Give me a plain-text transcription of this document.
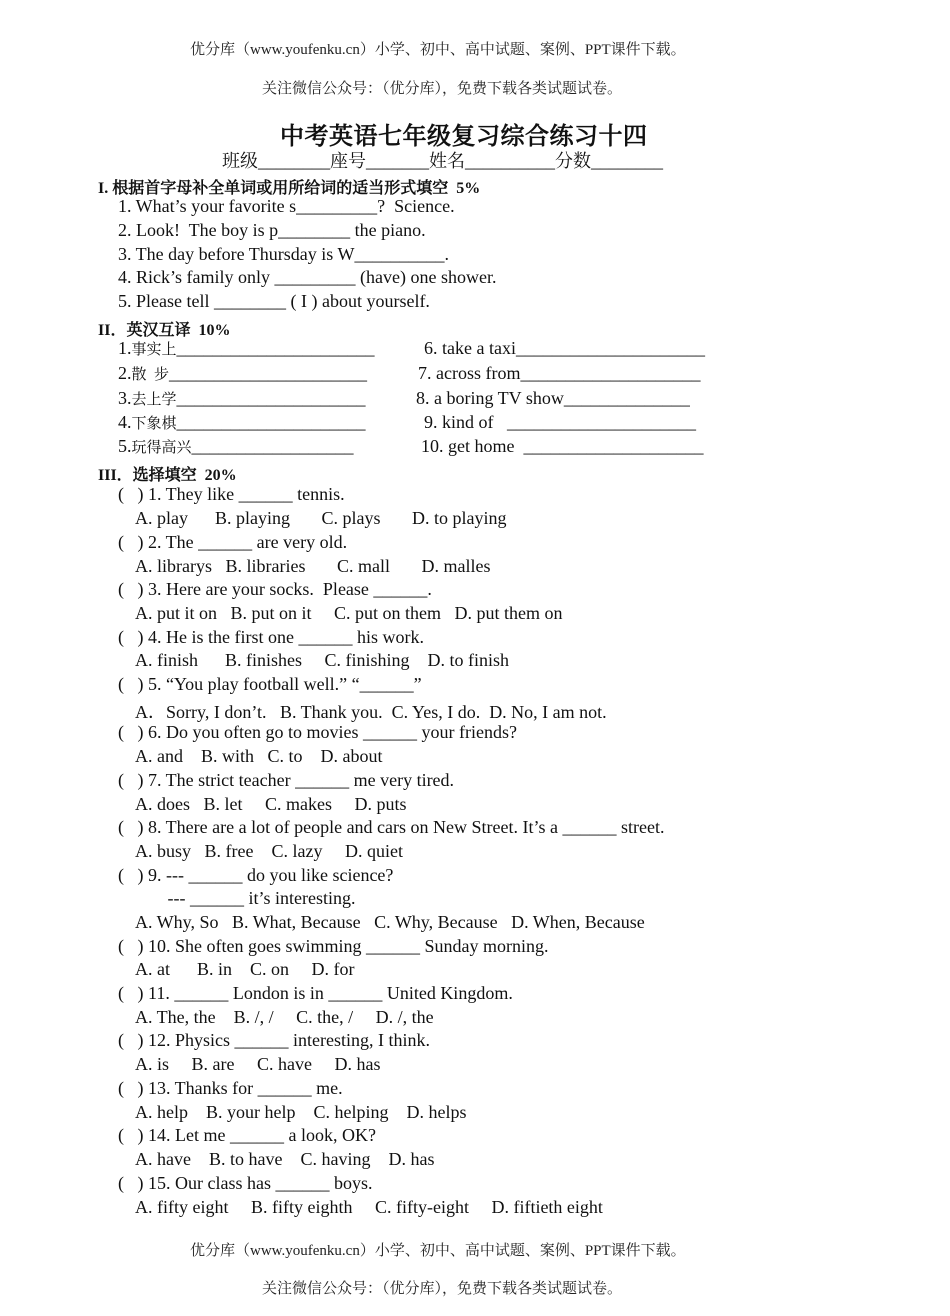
优分库（www.youfenku.cn）小学、初中、高中试题、案例、PPT课件下载。
关注微信公众号：（优分库），免费下载各类试题试卷。
中考英语七年级复习综合练习十四
班级________座号_______姓名__________分数________
I. 根据首字母补全单词或用所给词的适当形式填空  5%
1. What’s your favorite s_________?  Science.
2. Look!  The boy is p________ the piano.
3. The day before Thursday is W__________.
4. Rick’s family only _________ (have) one shower.
5. Please tell ________ ( I ) about yourself.
II．英汉互译  10%
1.事实上______________________
2.散  步______________________
3.去上学_____________________
4.下象棋_____________________
5.玩得高兴__________________
6. take a taxi_____________________
7. across from____________________
8. a boring TV show______________
9. kind of   _____________________
10. get home  ____________________
III．选择填空  20%
(   ) 1. They like ______ tennis.
A. play      B. playing       C. plays       D. to playing
(   ) 2. The ______ are very old.
A. librarys   B. libraries       C. mall       D. malles
(   ) 3. Here are your socks.  Please ______.
A. put it on   B. put on it     C. put on them   D. put them on
(   ) 4. He is the first one ______ his work.
A. finish      B. finishes     C. finishing    D. to finish
(   ) 5. “You play football well.” “______”
A．Sorry, I don’t.   B. Thank you.  C. Yes, I do.  D. No, I am not.
(   ) 6. Do you often go to movies ______ your friends?
A. and    B. with   C. to    D. about
(   ) 7. The strict teacher ______ me very tired.
A. does   B. let     C. makes     D. puts
(   ) 8. There are a lot of people and cars on New Street. It’s a ______ street.
A. busy   B. free    C. lazy     D. quiet
(   ) 9. --- ______ do you like science?
--- ______ it’s interesting.
A. Why, So   B. What, Because   C. Why, Because   D. When, Because
(   ) 10. She often goes swimming ______ Sunday morning.
A. at      B. in    C. on     D. for
(   ) 11. ______ London is in ______ United Kingdom.
A. The, the    B. /, /     C. the, /     D. /, the
(   ) 12. Physics ______ interesting, I think.
A. is     B. are     C. have     D. has
(   ) 13. Thanks for ______ me.
A. help    B. your help    C. helping    D. helps
(   ) 14. Let me ______ a look, OK?
A. have    B. to have    C. having    D. has
(   ) 15. Our class has ______ boys.
A. fifty eight     B. fifty eighth     C. fifty-eight     D. fiftieth eight
优分库（www.youfenku.cn）小学、初中、高中试题、案例、PPT课件下载。
关注微信公众号：（优分库），免费下载各类试题试卷。
